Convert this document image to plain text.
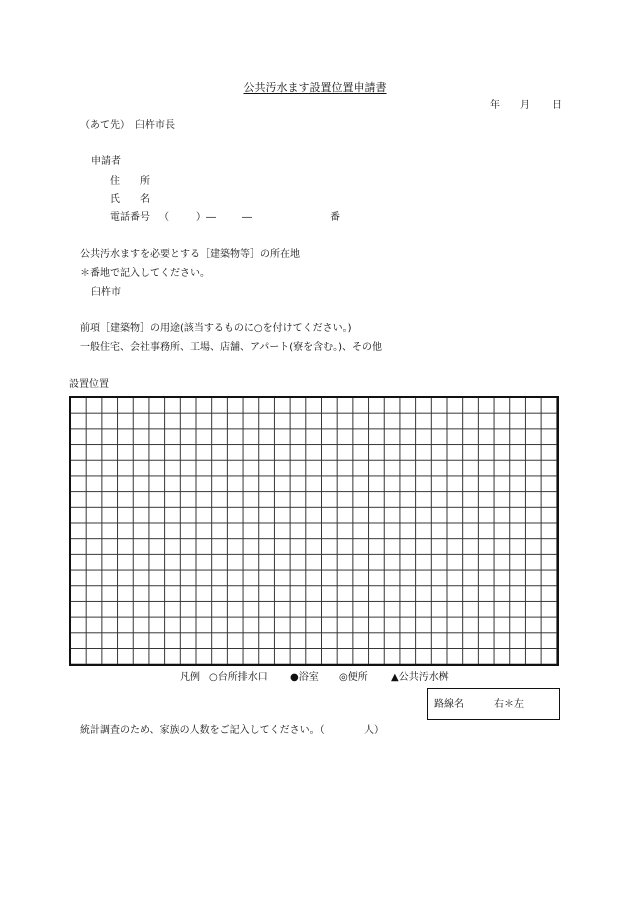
公共汚水ます設置位置申請書
年 月 日
（あて先）　臼杵市長
申請者
住　　所
氏　　名
電話番号 （	）―	―	番
公共汚水ますを必要とする［建築物等］の所在地
＊番地で記入してください。
臼杵市
前項［建築物］の用途(該当するものに○を付けてください。)
一般住宅、会社事務所、工場、店舗、アパート(寮を含む。)、その他
設置位置
凡例 ○台所排水口 ●浴室 ◎便所 ▲公共汚水桝
路線名	右＊左
統計調査のため、家族の人数をご記入してください。（	人）
